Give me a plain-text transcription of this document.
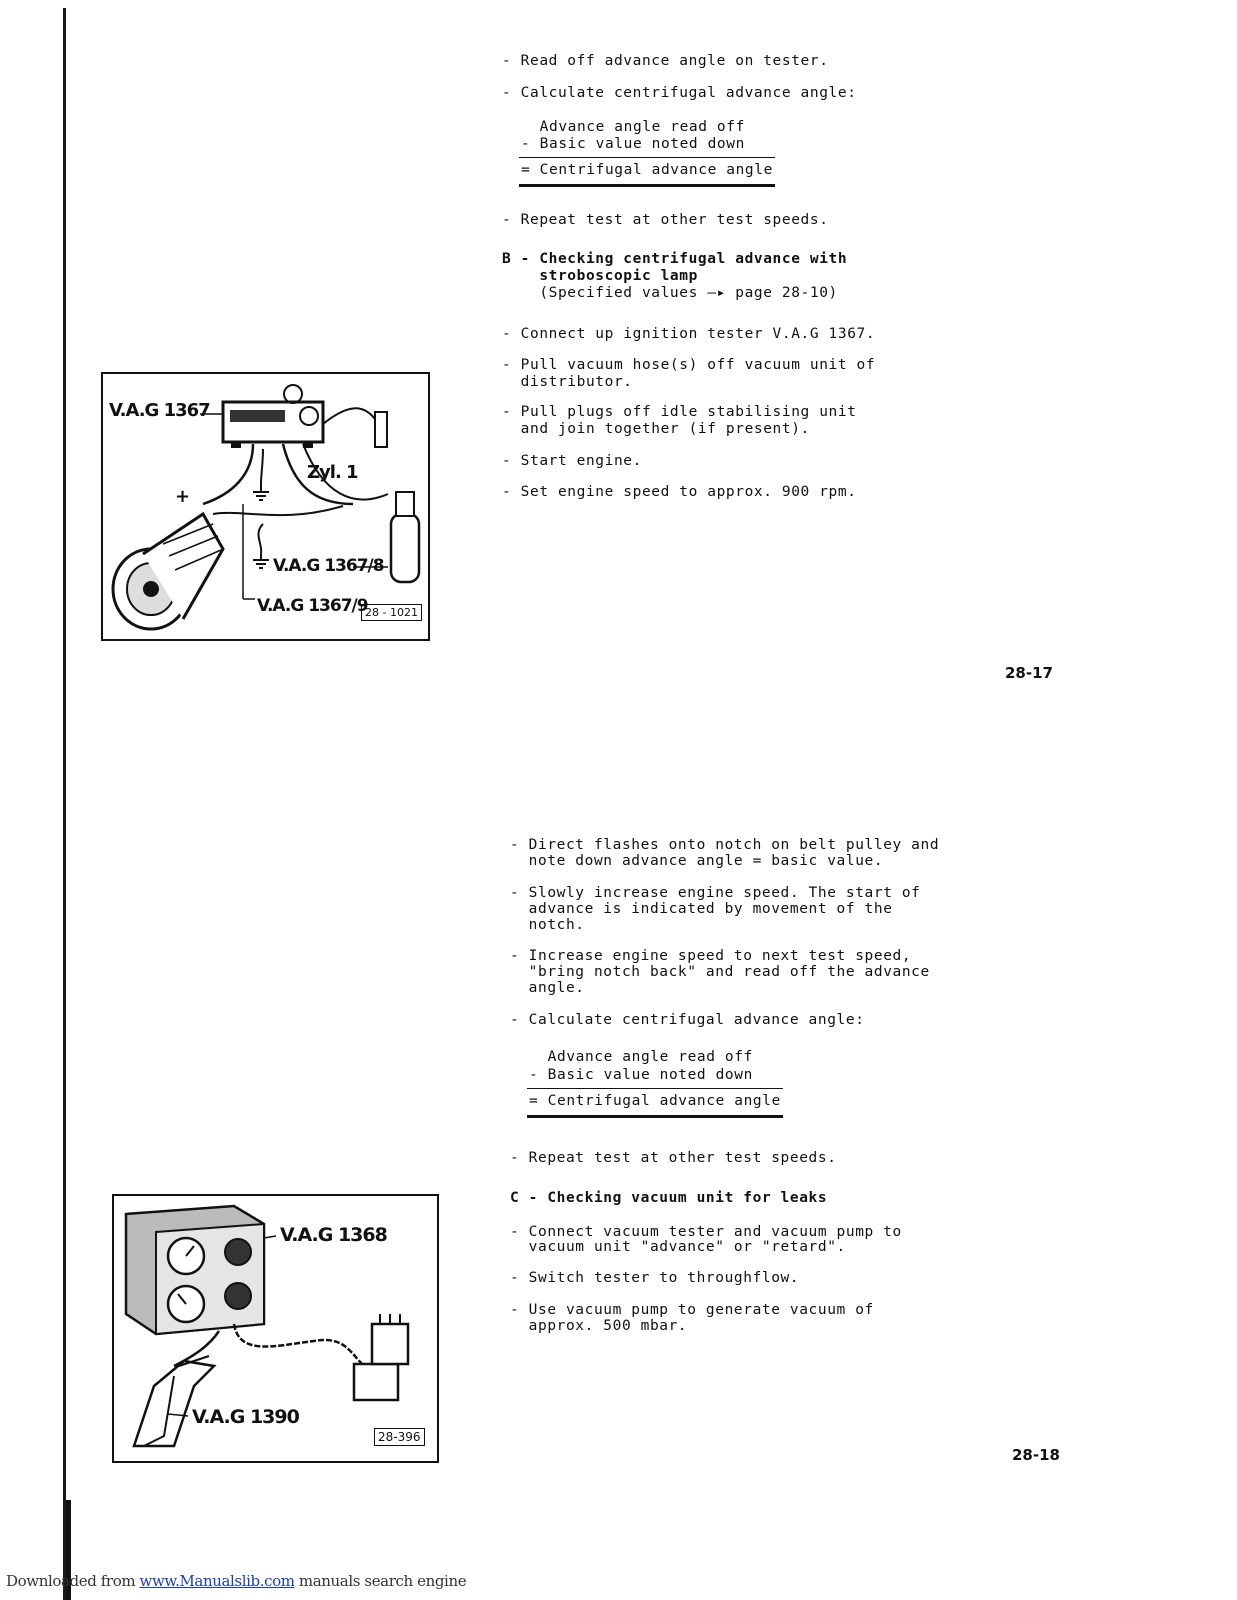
- Read off advance angle on tester.
- Calculate centrifugal advance angle:
Advance angle read off
- Basic value noted down
= Centrifugal advance angle
- Repeat test at other test speeds.
B - Checking centrifugal advance with
stroboscopic lamp
(Specified values —▸ page 28-10)
- Connect up ignition tester V.A.G 1367.
- Pull vacuum hose(s) off vacuum unit of
distributor.
- Pull plugs off idle stabilising unit
and join together (if present).
- Start engine.
- Set engine speed to approx. 900 rpm.
V.A.G 1367
Zyl. 1
+
V.A.G 1367/8
V.A.G 1367/9
28 - 1021
28-17
- Direct flashes onto notch on belt pulley and
note down advance angle = basic value.
- Slowly increase engine speed. The start of
advance is indicated by movement of the
notch.
- Increase engine speed to next test speed,
"bring notch back" and read off the advance
angle.
- Calculate centrifugal advance angle:
Advance angle read off
- Basic value noted down
= Centrifugal advance angle
- Repeat test at other test speeds.
C - Checking vacuum unit for leaks
- Connect vacuum tester and vacuum pump to
vacuum unit "advance" or "retard".
- Switch tester to throughflow.
- Use vacuum pump to generate vacuum of
approx. 500 mbar.
V.A.G 1368
V.A.G 1390
28-396
28-18
Downloaded from www.Manualslib.com manuals search engine
